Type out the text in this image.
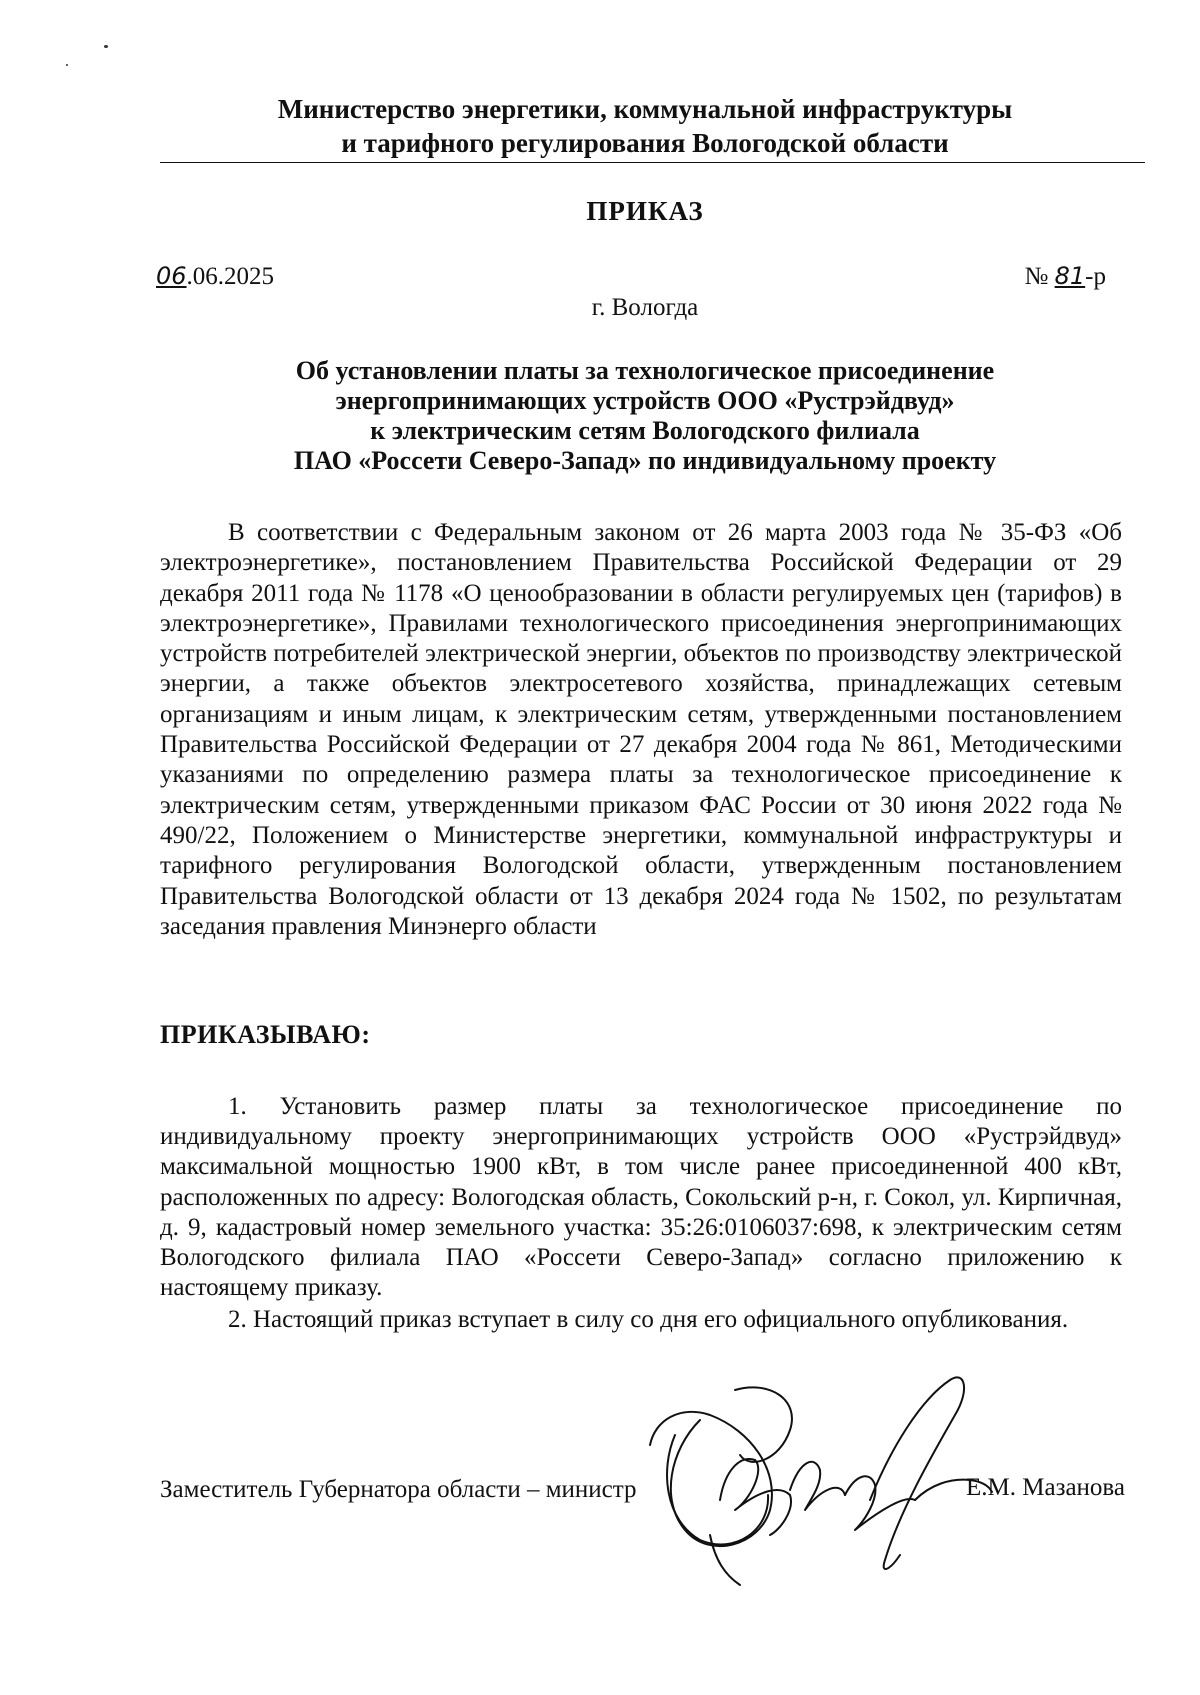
Министерство энергетики, коммунальной инфраструктуры
и тарифного регулирования Вологодской области
ПРИКАЗ
06.06.2025	№ 81-р
г. Вологда
Об установлении платы за технологическое присоединение
энергопринимающих устройств ООО «Рустрэйдвуд»
к электрическим сетям Вологодского филиала
ПАО «Россети Северо-Запад» по индивидуальному проекту
В соответствии с Федеральным законом от 26 марта 2003 года № 35-ФЗ «Об электроэнергетике», постановлением Правительства Российской Федерации от 29 декабря 2011 года № 1178 «О ценообразовании в области регулируемых цен (тарифов) в электроэнергетике», Правилами технологического присоединения энергопринимающих устройств потребителей электрической энергии, объектов по производству электрической энергии, а также объектов электросетевого хозяйства, принадлежащих сетевым организациям и иным лицам, к электрическим сетям, утвержденными постановлением Правительства Российской Федерации от 27 декабря 2004 года № 861, Методическими указаниями по определению размера платы за технологическое присоединение к электрическим сетям, утвержденными приказом ФАС России от 30 июня 2022 года № 490/22, Положением о Министерстве энергетики, коммунальной инфраструктуры и тарифного регулирования Вологодской области, утвержденным постановлением Правительства Вологодской области от 13 декабря 2024 года № 1502, по результатам заседания правления Минэнерго области
ПРИКАЗЫВАЮ:
1. Установить размер платы за технологическое присоединение по индивидуальному проекту энергопринимающих устройств ООО «Рустрэйдвуд» максимальной мощностью 1900 кВт, в том числе ранее присоединенной 400 кВт, расположенных по адресу: Вологодская область, Сокольский р-н, г. Сокол, ул. Кирпичная, д. 9, кадастровый номер земельного участка: 35:26:0106037:698, к электрическим сетям Вологодского филиала ПАО «Россети Северо-Запад» согласно приложению к настоящему приказу.
2. Настоящий приказ вступает в силу со дня его официального опубликования.
Заместитель Губернатора области – министр	Е.М. Мазанова
